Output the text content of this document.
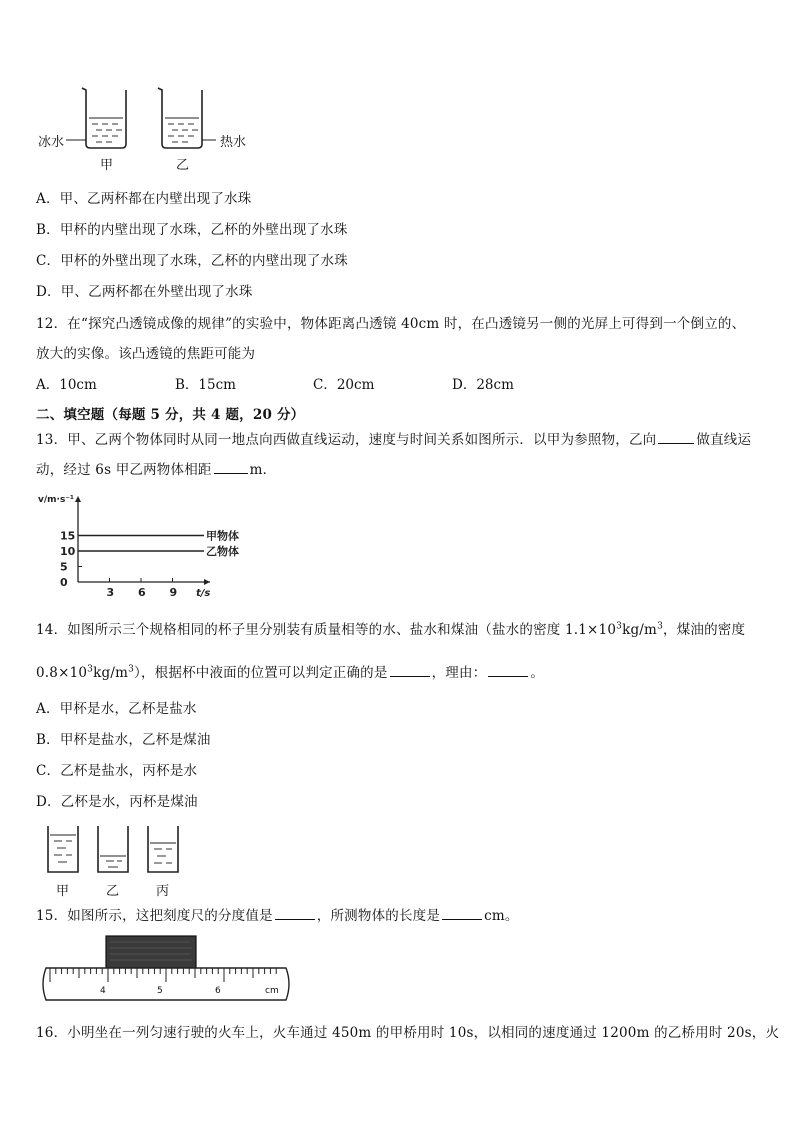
冰水	热水
甲	乙
A．甲、乙两杯都在内壁出现了水珠
B．甲杯的内壁出现了水珠，乙杯的外壁出现了水珠
C．甲杯的外壁出现了水珠，乙杯的内壁出现了水珠
D．甲、乙两杯都在外壁出现了水珠
12．在“探究凸透镜成像的规律”的实验中，物体距离凸透镜 40cm 时，在凸透镜另一侧的光屏上可得到一个倒立的、
放大的实像。该凸透镜的焦距可能为
A．10cm	B．15cm	C．20cm	D．28cm
二、填空题（每题 5 分，共 4 题，20 分）
13．甲、乙两个物体同时从同一地点向西做直线运动，速度与时间关系如图所示．以甲为参照物，乙向	做直线运
动，经过 6s 甲乙两物体相距	m．
v/m·s⁻¹
t/s
0
5
10
15
3 6 9
甲物体
乙物体
14．如图所示三个规格相同的杯子里分别装有质量相等的水、盐水和煤油（盐水的密度 $1.1\times 10^3kg/m^3$，煤油的密度
$0.8\times 10^3kg/m^3$），根据杯中液面的位置可以判定正确的是	，理由：	。
A．甲杯是水，乙杯是盐水
B．甲杯是盐水，乙杯是煤油
C．乙杯是盐水，丙杯是水
D．乙杯是水，丙杯是煤油
甲	乙	丙
15．如图所示，这把刻度尺的分度值是	，所测物体的长度是	cm。
4	5	6	cm
16．小明坐在一列匀速行驶的火车上，火车通过 450m 的甲桥用时 10s，以相同的速度通过 1200m 的乙桥用时 20s，火
